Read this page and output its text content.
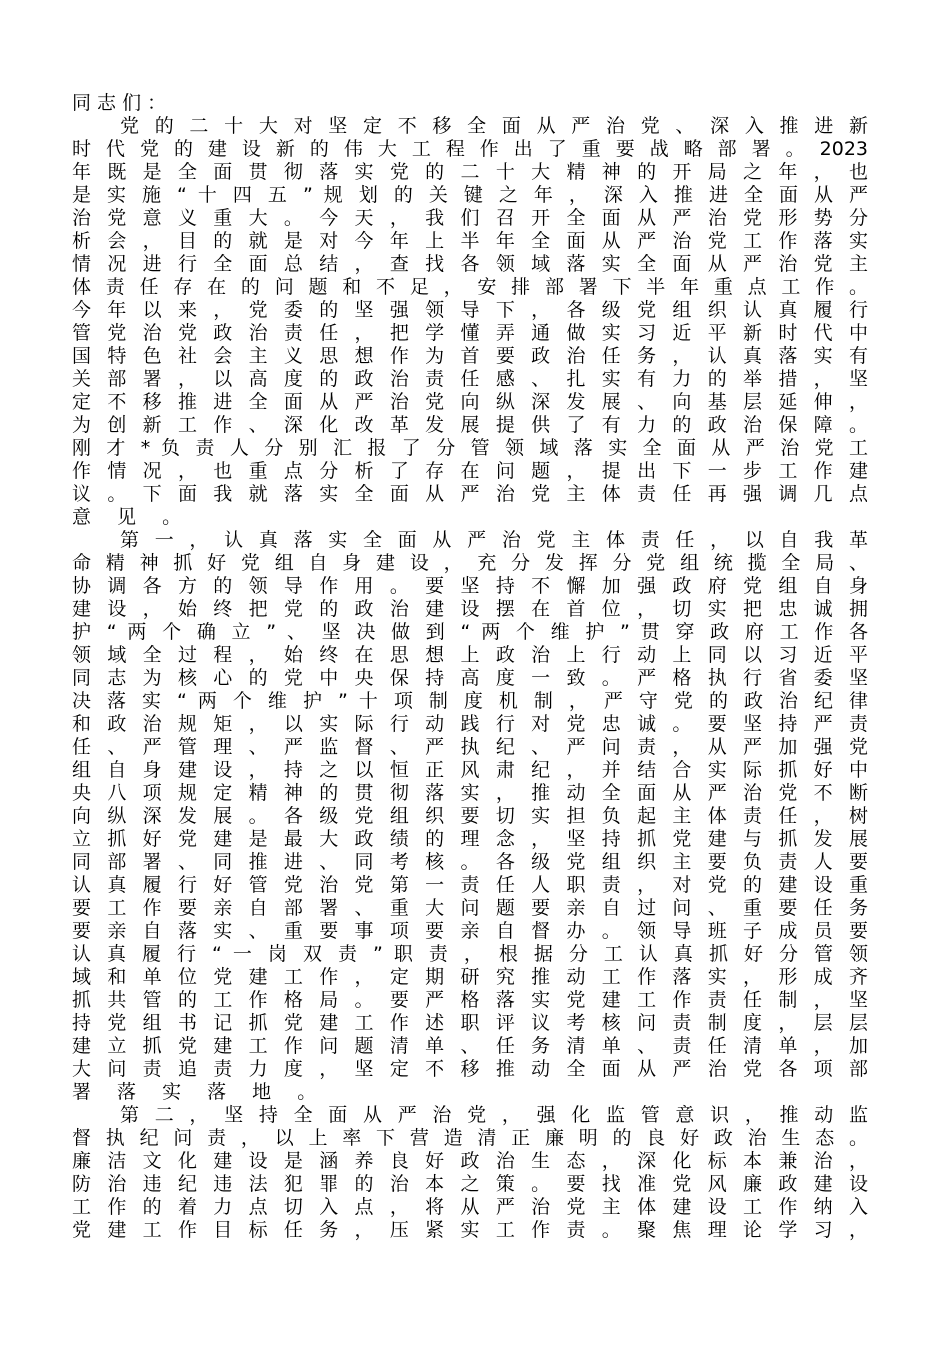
同 志 们 ：
党 的 二 十 大 对 坚 定 不 移 全 面 从 严 治 党 、 深 入 推 进 新
时 代 党 的 建 设 新 的 伟 大 工 程 作 出 了 重 要 战 略 部 署 。 2023
年 既 是 全 面 贯 彻 落 实 党 的 二 十 大 精 神 的 开 局 之 年 ， 也
是 实 施 “ 十 四 五 ” 规 划 的 关 键 之 年 ， 深 入 推 进 全 面 从 严
治 党 意 义 重 大 。 今 天 ， 我 们 召 开 全 面 从 严 治 党 形 势 分
析 会 ， 目 的 就 是 对 今 年 上 半 年 全 面 从 严 治 党 工 作 落 实
情 况 进 行 全 面 总 结 ， 查 找 各 领 域 落 实 全 面 从 严 治 党 主
体 责 任 存 在 的 问 题 和 不 足 ， 安 排 部 署 下 半 年 重 点 工 作 。
今 年 以 来 ， 党 委 的 坚 强 领 导 下 ， 各 级 党 组 织 认 真 履 行
管 党 治 党 政 治 责 任 ， 把 学 懂 弄 通 做 实 习 近 平 新 时 代 中
国 特 色 社 会 主 义 思 想 作 为 首 要 政 治 任 务 ， 认 真 落 实 有
关 部 署 ， 以 高 度 的 政 治 责 任 感 、 扎 实 有 力 的 举 措 ， 坚
定 不 移 推 进 全 面 从 严 治 党 向 纵 深 发 展 、 向 基 层 延 伸 ，
为 创 新 工 作 、 深 化 改 革 发 展 提 供 了 有 力 的 政 治 保 障 。
刚 才 * 负 责 人 分 别 汇 报 了 分 管 领 域 落 实 全 面 从 严 治 党 工
作 情 况 ， 也 重 点 分 析 了 存 在 问 题 ， 提 出 下 一 步 工 作 建
议 。 下 面 我 就 落 实 全 面 从 严 治 党 主 体 责 任 再 强 调 几 点
意 见 。
第 一 ， 认 真 落 实 全 面 从 严 治 党 主 体 责 任 ， 以 自 我 革
命 精 神 抓 好 党 组 自 身 建 设 ， 充 分 发 挥 分 党 组 统 揽 全 局 、
协 调 各 方 的 领 导 作 用 。 要 坚 持 不 懈 加 强 政 府 党 组 自 身
建 设 ， 始 终 把 党 的 政 治 建 设 摆 在 首 位 ， 切 实 把 忠 诚 拥
护 “ 两 个 确 立 ” 、 坚 决 做 到 “ 两 个 维 护 ” 贯 穿 政 府 工 作 各
领 域 全 过 程 ， 始 终 在 思 想 上 政 治 上 行 动 上 同 以 习 近 平
同 志 为 核 心 的 党 中 央 保 持 高 度 一 致 。 严 格 执 行 省 委 坚
决 落 实 “ 两 个 维 护 ” 十 项 制 度 机 制 ， 严 守 党 的 政 治 纪 律
和 政 治 规 矩 ， 以 实 际 行 动 践 行 对 党 忠 诚 。 要 坚 持 严 责
任 、 严 管 理 、 严 监 督 、 严 执 纪 、 严 问 责 ， 从 严 加 强 党
组 自 身 建 设 ， 持 之 以 恒 正 风 肃 纪 ， 并 结 合 实 际 抓 好 中
央 八 项 规 定 精 神 的 贯 彻 落 实 ， 推 动 全 面 从 严 治 党 不 断
向 纵 深 发 展 。 各 级 党 组 织 要 切 实 担 负 起 主 体 责 任 ， 树
立 抓 好 党 建 是 最 大 政 绩 的 理 念 ， 坚 持 抓 党 建 与 抓 发 展
同 部 署 、 同 推 进 、 同 考 核 。 各 级 党 组 织 主 要 负 责 人 要
认 真 履 行 好 管 党 治 党 第 一 责 任 人 职 责 ， 对 党 的 建 设 重
要 工 作 要 亲 自 部 署 、 重 大 问 题 要 亲 自 过 问 、 重 要 任 务
要 亲 自 落 实 、 重 要 事 项 要 亲 自 督 办 。 领 导 班 子 成 员 要
认 真 履 行 “ 一 岗 双 责 ” 职 责 ， 根 据 分 工 认 真 抓 好 分 管 领
域 和 单 位 党 建 工 作 ， 定 期 研 究 推 动 工 作 落 实 ， 形 成 齐
抓 共 管 的 工 作 格 局 。 要 严 格 落 实 党 建 工 作 责 任 制 ， 坚
持 党 组 书 记 抓 党 建 工 作 述 职 评 议 考 核 问 责 制 度 ， 层 层
建 立 抓 党 建 工 作 问 题 清 单 、 任 务 清 单 、 责 任 清 单 ， 加
大 问 责 追 责 力 度 ， 坚 定 不 移 推 动 全 面 从 严 治 党 各 项 部
署 落 实 落 地 。
第 二 ， 坚 持 全 面 从 严 治 党 ， 强 化 监 管 意 识 ， 推 动 监
督 执 纪 问 责 ， 以 上 率 下 营 造 清 正 廉 明 的 良 好 政 治 生 态 。
廉 洁 文 化 建 设 是 涵 养 良 好 政 治 生 态 ， 深 化 标 本 兼 治 ，
防 治 违 纪 违 法 犯 罪 的 治 本 之 策 。 要 找 准 党 风 廉 政 建 设
工 作 的 着 力 点 切 入 点 ， 将 从 严 治 党 主 体 建 设 工 作 纳 入
党 建 工 作 目 标 任 务 ， 压 紧 实 工 作 责 。 聚 焦 理 论 学 习 ，
